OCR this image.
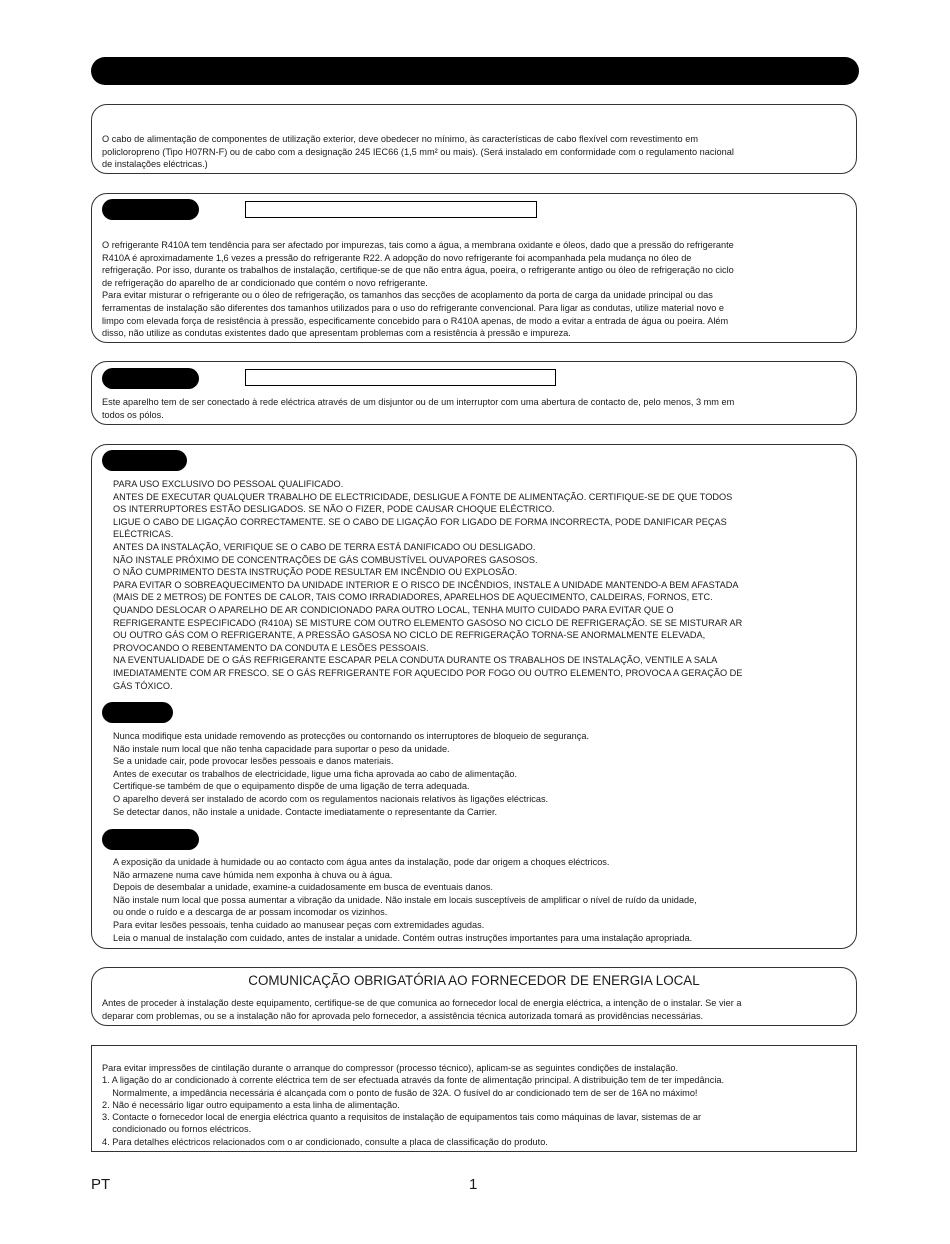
O cabo de alimentação de componentes de utilização exterior, deve obedecer no mínimo, às características de cabo flexível com revestimento em
policloropreno (Tipo H07RN-F) ou de cabo com a designação 245 IEC66 (1,5 mm² ou mais). (Será instalado em conformidade com o regulamento nacional
de instalações eléctricas.)

O refrigerante R410A tem tendência para ser afectado por impurezas, tais como a água, a membrana oxidante e óleos, dado que a pressão do refrigerante
R410A é aproximadamente 1,6 vezes a pressão do refrigerante R22. A adopção do novo refrigerante foi acompanhada pela mudança no óleo de
refrigeração. Por isso, durante os trabalhos de instalação, certifique-se de que não entra água, poeira, o refrigerante antigo ou óleo de refrigeração no ciclo
de refrigeração do aparelho de ar condicionado que contém o novo refrigerante.
Para evitar misturar o refrigerante ou o óleo de refrigeração, os tamanhos das secções de acoplamento da porta de carga da unidade principal ou das
ferramentas de instalação são diferentes dos tamanhos utilizados para o uso do refrigerante convencional. Para ligar as condutas, utilize material novo e
limpo com elevada força de resistência à pressão, especificamente concebido para o R410A apenas, de modo a evitar a entrada de água ou poeira. Além
disso, não utilize as condutas existentes dado que apresentam problemas com a resistência à pressão e impureza.

Este aparelho tem de ser conectado à rede eléctrica através de um disjuntor ou de um interruptor com uma abertura de contacto de, pelo menos, 3 mm em
todos os pólos.

PARA USO EXCLUSIVO DO PESSOAL QUALIFICADO.
ANTES DE EXECUTAR QUALQUER TRABALHO DE ELECTRICIDADE, DESLIGUE A FONTE DE ALIMENTAÇÃO. CERTIFIQUE-SE DE QUE TODOS
OS INTERRUPTORES ESTÃO DESLIGADOS. SE NÃO O FIZER, PODE CAUSAR CHOQUE ELÉCTRICO.
LIGUE O CABO DE LIGAÇÃO CORRECTAMENTE. SE O CABO DE LIGAÇÃO FOR LIGADO DE FORMA INCORRECTA, PODE DANIFICAR PEÇAS
ELÉCTRICAS.
ANTES DA INSTALAÇÃO, VERIFIQUE SE O CABO DE TERRA ESTÁ DANIFICADO OU DESLIGADO.
NÃO INSTALE PRÓXIMO DE CONCENTRAÇÕES DE GÁS COMBUSTÍVEL OUVAPORES GASOSOS.
O NÃO CUMPRIMENTO DESTA INSTRUÇÃO PODE RESULTAR EM INCÊNDIO OU EXPLOSÃO.
PARA EVITAR O SOBREAQUECIMENTO DA UNIDADE INTERIOR E O RISCO DE INCÊNDIOS, INSTALE A UNIDADE MANTENDO-A BEM AFASTADA
(MAIS DE 2 METROS) DE FONTES DE CALOR, TAIS COMO IRRADIADORES, APARELHOS DE AQUECIMENTO, CALDEIRAS, FORNOS, ETC.
QUANDO DESLOCAR O APARELHO DE AR CONDICIONADO PARA OUTRO LOCAL, TENHA MUITO CUIDADO PARA EVITAR QUE O
REFRIGERANTE ESPECIFICADO (R410A) SE MISTURE COM OUTRO ELEMENTO GASOSO NO CICLO DE REFRIGERAÇÃO. SE SE MISTURAR AR
OU OUTRO GÁS COM O REFRIGERANTE, A PRESSÃO GASOSA NO CICLO DE REFRIGERAÇÃO TORNA-SE ANORMALMENTE ELEVADA,
PROVOCANDO O REBENTAMENTO DA CONDUTA E LESÕES PESSOAIS.
NA EVENTUALIDADE DE O GÁS REFRIGERANTE ESCAPAR PELA CONDUTA DURANTE OS TRABALHOS DE INSTALAÇÃO, VENTILE A SALA
IMEDIATAMENTE COM AR FRESCO. SE O GÁS REFRIGERANTE FOR AQUECIDO POR FOGO OU OUTRO ELEMENTO, PROVOCA A GERAÇÃO DE
GÁS TÓXICO.

Nunca modifique esta unidade removendo as protecções ou contornando os interruptores de bloqueio de segurança.
Não instale num local que não tenha capacidade para suportar o peso da unidade.
Se a unidade cair, pode provocar lesões pessoais e danos materiais.
Antes de executar os trabalhos de electricidade, ligue uma ficha aprovada ao cabo de alimentação.
Certifique-se também de que o equipamento dispõe de uma ligação de terra adequada.
O aparelho deverá ser instalado de acordo com os regulamentos nacionais relativos às ligações eléctricas.
Se detectar danos, não instale a unidade. Contacte imediatamente o representante da Carrier.

A exposição da unidade à humidade ou ao contacto com água antes da instalação, pode dar origem a choques eléctricos.
Não armazene numa cave húmida nem exponha à chuva ou à água.
Depois de desembalar a unidade, examine-a cuidadosamente em busca de eventuais danos.
Não instale num local que possa aumentar a vibração da unidade. Não instale em locais susceptíveis de amplificar o nível de ruído da unidade,
ou onde o ruído e a descarga de ar possam incomodar os vizinhos.
Para evitar lesões pessoais, tenha cuidado ao manusear peças com extremidades agudas.
Leia o manual de instalação com cuidado, antes de instalar a unidade. Contém outras instruções importantes para uma instalação apropriada.

COMUNICAÇÃO OBRIGATÓRIA AO FORNECEDOR DE ENERGIA LOCAL

Antes de proceder à instalação deste equipamento, certifique-se de que comunica ao fornecedor local de energia eléctrica, a intenção de o instalar. Se vier a
deparar com problemas, ou se a instalação não for aprovada pelo fornecedor, a assistência técnica autorizada tomará as providências necessárias.

Para evitar impressões de cintilação durante o arranque do compressor (processo técnico), aplicam-se as seguintes condições de instalação.
1. A ligação do ar condicionado à corrente eléctrica tem de ser efectuada através da fonte de alimentação principal. A distribuição tem de ter impedância.
Normalmente, a impedância necessária é alcançada com o ponto de fusão de 32A. O fusível do ar condicionado tem de ser de 16A no máximo!
2. Não é necessário ligar outro equipamento a esta linha de alimentação.
3. Contacte o fornecedor local de energia eléctrica quanto a requisitos de instalação de equipamentos tais como máquinas de lavar, sistemas de ar
condicionado ou fornos eléctricos.
4. Para detalhes eléctricos relacionados com o ar condicionado, consulte a placa de classificação do produto.

PT	1
